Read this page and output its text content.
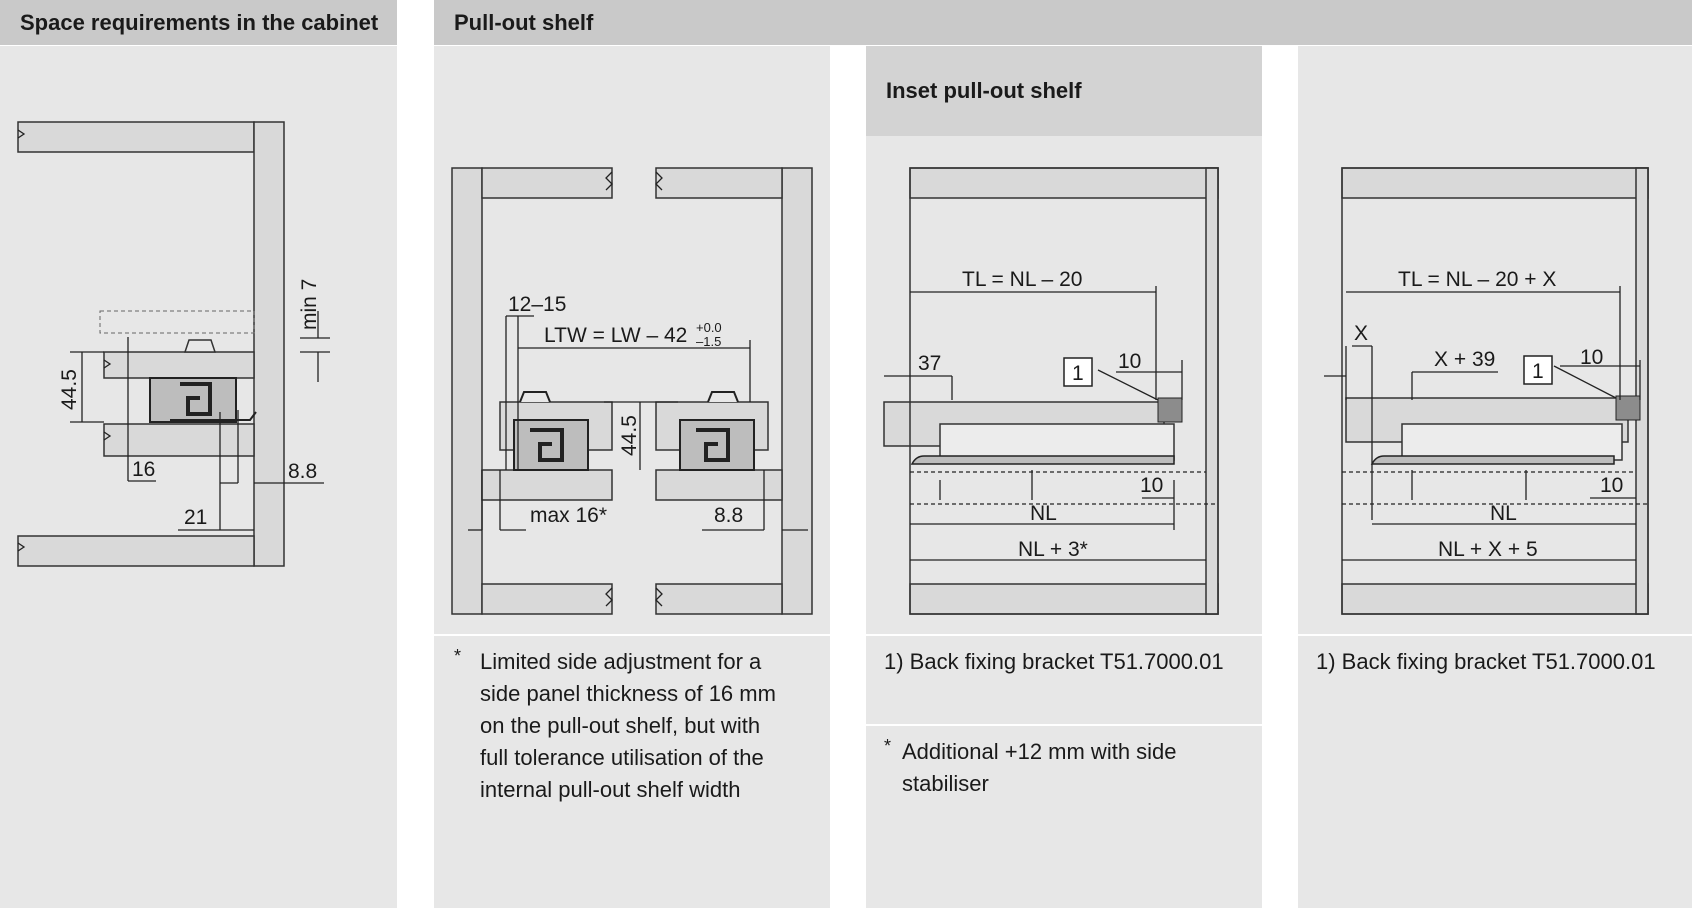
Space requirements in the cabinet
min 7
44.5
16	8.8
21
Pull-out shelf
12–15
LTW = LW – 42 +0.0
–1.5
44.5
max 16*	8.8
* Limited side adjustment for a
side panel thickness of 16 mm
on the pull-out shelf, but with
full tolerance utilisation of the
internal pull-out shelf width
Inset pull-out shelf
TL = NL – 20
37	1
10
10
NL
NL + 3*
1) Back fixing bracket T51.7000.01
* Additional +12 mm with side
stabiliser
TL = NL – 20 + X
X
X + 39
1
10
10
NL
NL + X + 5
1) Back fixing bracket T51.7000.01
